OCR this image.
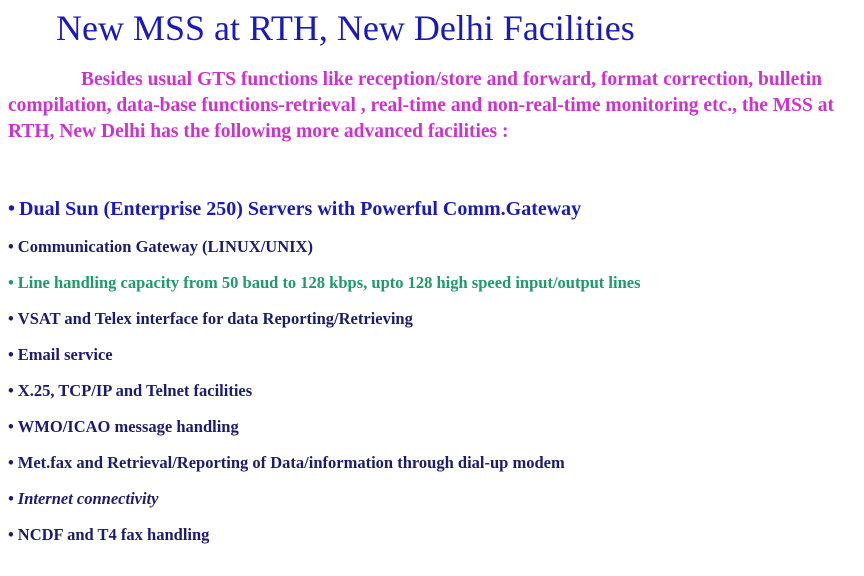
New MSS at RTH, New Delhi Facilities

Besides usual GTS functions like reception/store and forward, format correction, bulletin compilation, data-base functions-retrieval , real-time and non-real-time monitoring etc., the MSS at RTH, New Delhi has the following more advanced facilities :

• Dual Sun (Enterprise 250) Servers with Powerful Comm.Gateway
• Communication Gateway (LINUX/UNIX)
• Line handling capacity from 50 baud to 128 kbps, upto 128 high speed input/output lines
• VSAT and Telex interface for data Reporting/Retrieving
• Email service
• X.25, TCP/IP and Telnet facilities
• WMO/ICAO message handling
• Met.fax and Retrieval/Reporting of Data/information through dial-up modem
• Internet connectivity
• NCDF and T4 fax handling
